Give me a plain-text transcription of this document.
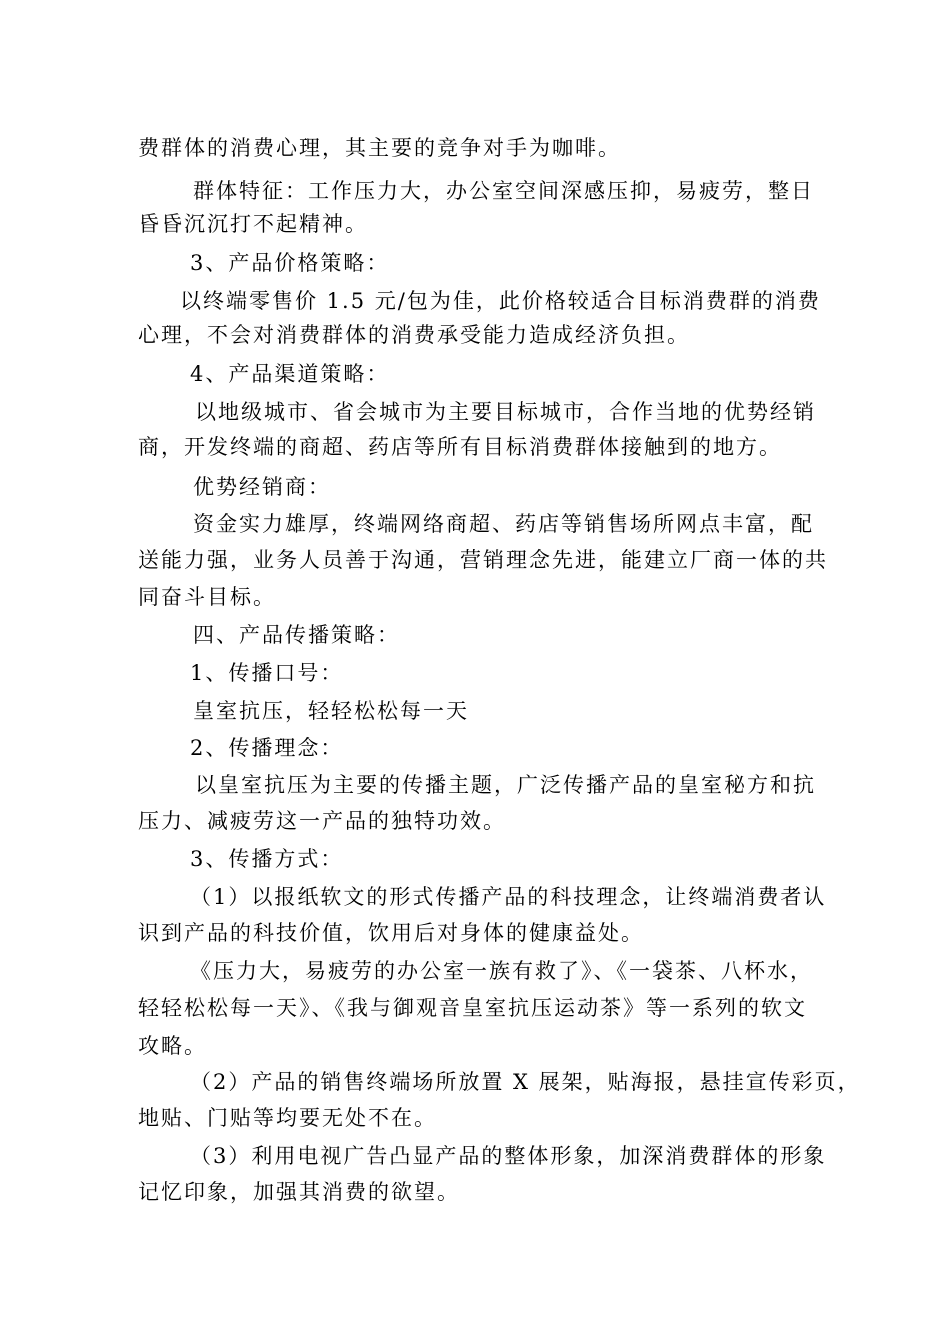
费群体的消费心理，其主要的竞争对手为咖啡。
群体特征：工作压力大，办公室空间深感压抑，易疲劳，整日
昏昏沉沉打不起精神。
3、产品价格策略：
以终端零售价 1.5 元/包为佳，此价格较适合目标消费群的消费
心理，不会对消费群体的消费承受能力造成经济负担。
4、产品渠道策略：
以地级城市、省会城市为主要目标城市，合作当地的优势经销
商，开发终端的商超、药店等所有目标消费群体接触到的地方。
优势经销商：
资金实力雄厚，终端网络商超、药店等销售场所网点丰富，配
送能力强，业务人员善于沟通，营销理念先进，能建立厂商一体的共
同奋斗目标。
四、产品传播策略：
1、传播口号：
皇室抗压，轻轻松松每一天
2、传播理念：
以皇室抗压为主要的传播主题，广泛传播产品的皇室秘方和抗
压力、减疲劳这一产品的独特功效。
3、传播方式：
（1）以报纸软文的形式传播产品的科技理念，让终端消费者认
识到产品的科技价值，饮用后对身体的健康益处。
《压力大，易疲劳的办公室一族有救了》、《一袋茶、八杯水，
轻轻松松每一天》、《我与御观音皇室抗压运动茶》等一系列的软文
攻略。
（2）产品的销售终端场所放置 X 展架，贴海报，悬挂宣传彩页，
地贴、门贴等均要无处不在。
（3）利用电视广告凸显产品的整体形象，加深消费群体的形象
记忆印象，加强其消费的欲望。
